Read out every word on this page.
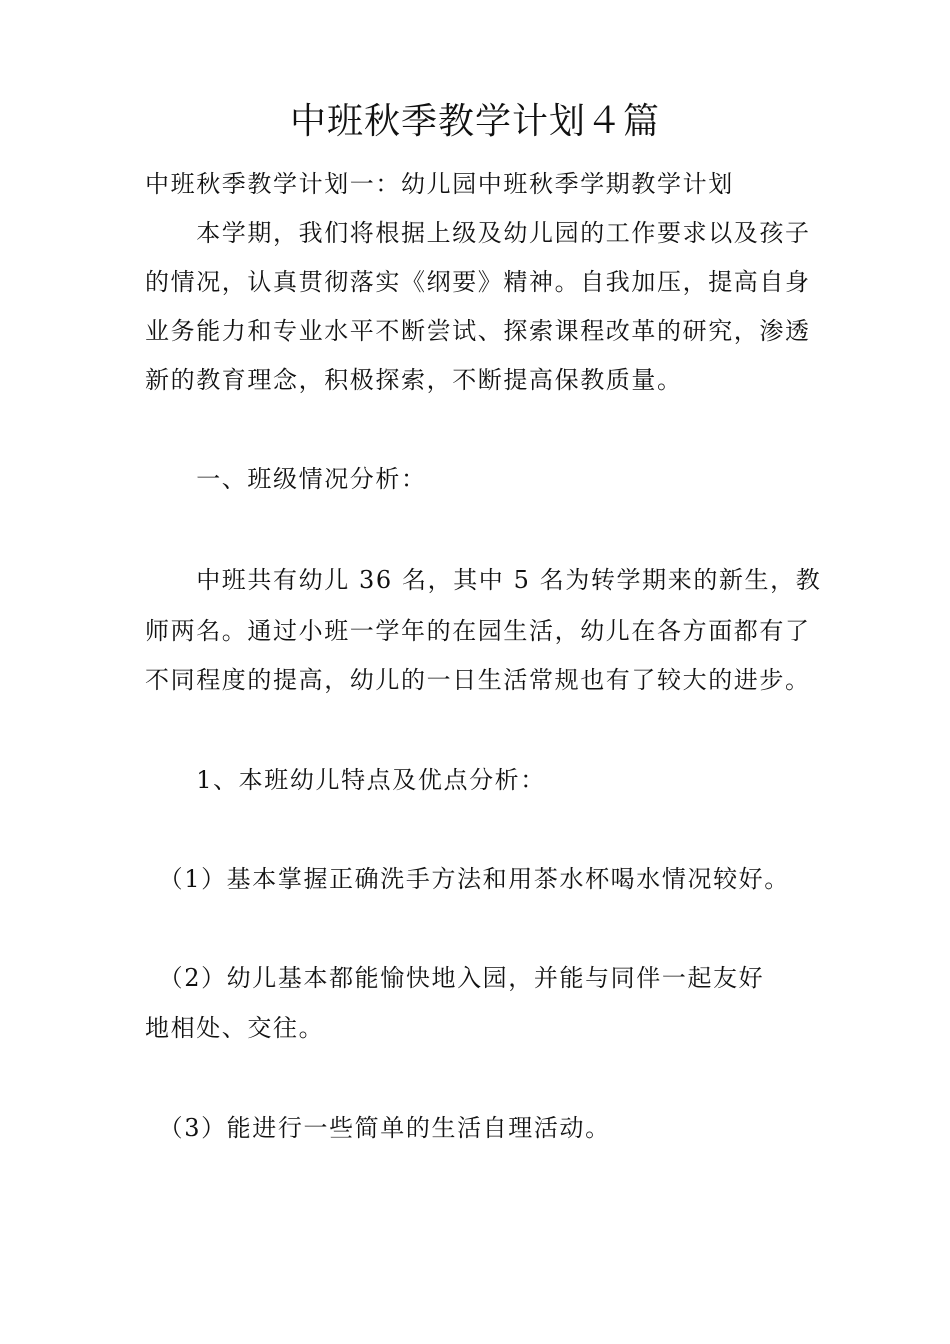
中班秋季教学计划４篇
中班秋季教学计划一：幼儿园中班秋季学期教学计划
　　本学期，我们将根据上级及幼儿园的工作要求以及孩子
的情况，认真贯彻落实《纲要》精神。自我加压，提高自身
业务能力和专业水平不断尝试、探索课程改革的研究，渗透
新的教育理念，积极探索，不断提高保教质量。
　　一、班级情况分析：
　　中班共有幼儿 36 名，其中 5 名为转学期来的新生，教
师两名。通过小班一学年的在园生活，幼儿在各方面都有了
不同程度的提高，幼儿的一日生活常规也有了较大的进步。
　　1、本班幼儿特点及优点分析：
　（1）基本掌握正确洗手方法和用茶水杯喝水情况较好。
　（2）幼儿基本都能愉快地入园，并能与同伴一起友好
地相处、交往。
　（3）能进行一些简单的生活自理活动。
